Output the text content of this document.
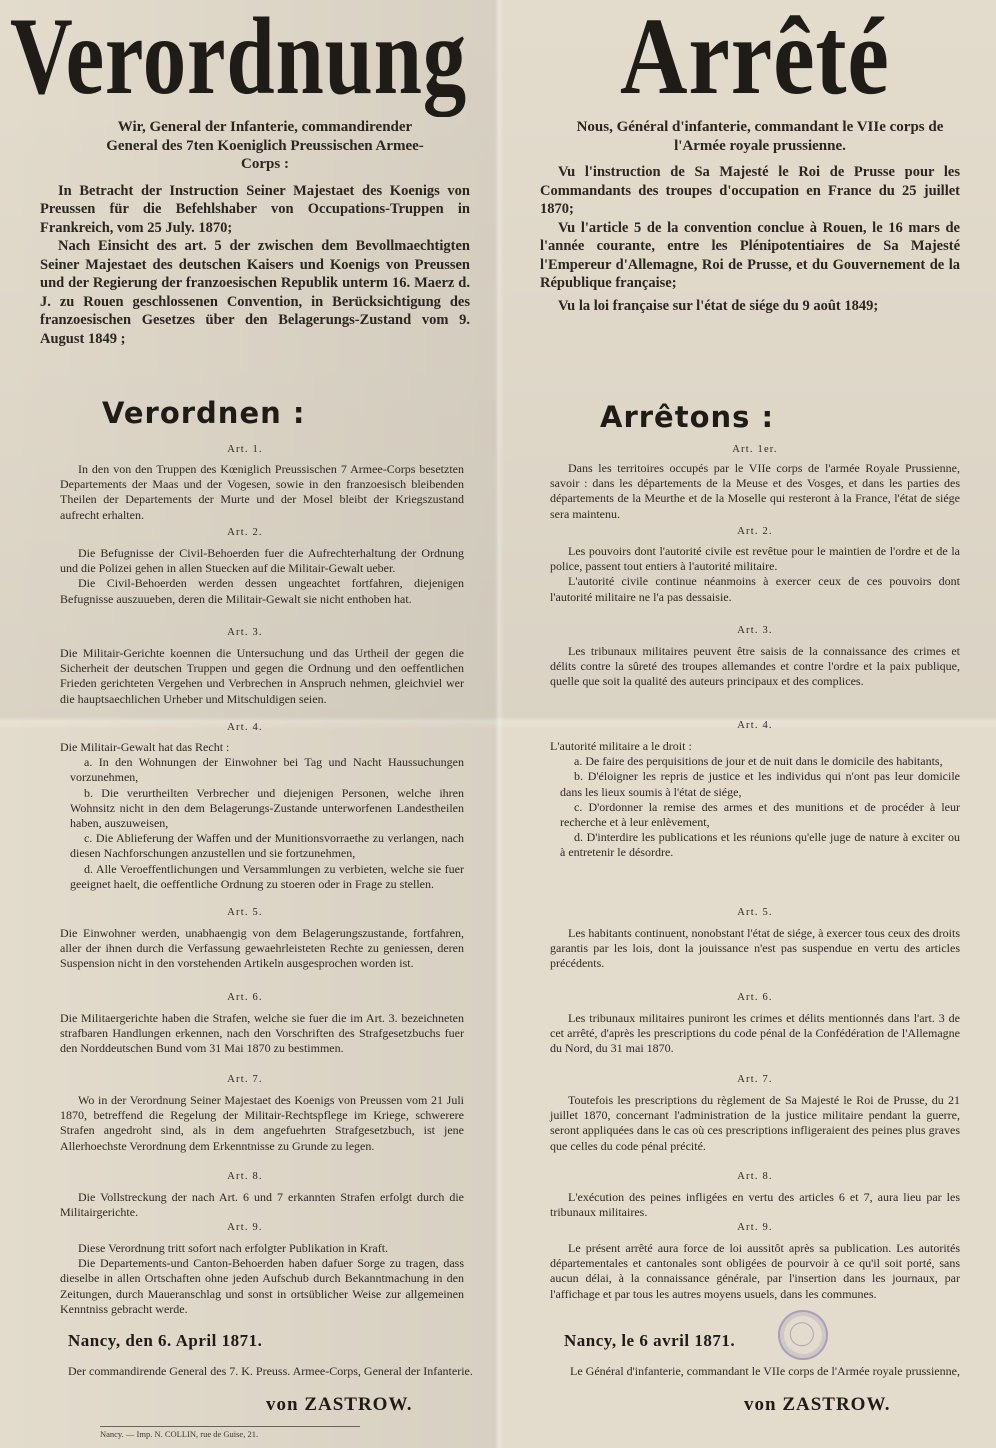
Verordnung

Wir, General der Infanterie, commandirender General des 7ten Koeniglich Preussischen Armee-Corps :

In Betracht der Instruction Seiner Majestaet des Koenigs von Preussen für die Befehlshaber von Occupations-Truppen in Frankreich, vom 25 July. 1870;

Nach Einsicht des art. 5 der zwischen dem Bevollmaechtigten Seiner Majestaet des deutschen Kaisers und Koenigs von Preussen und der Regierung der franzoesischen Republik unterm 16. Maerz d. J. zu Rouen geschlossenen Convention, in Berücksichtigung des franzoesischen Gesetzes über den Belagerungs-Zustand vom 9. August 1849 ;

Verordnen :
Art. 1.

In den von den Truppen des Kœniglich Preussischen 7 Armee-Corps besetzten Departements der Maas und der Vogesen, sowie in den franzoesisch bleibenden Theilen der Departements der Murte und der Mosel bleibt der Kriegszustand aufrecht erhalten.

Art. 2.

Die Befugnisse der Civil-Behoerden fuer die Aufrechterhaltung der Ordnung und die Polizei gehen in allen Stuecken auf die Militair-Gewalt ueber.

Die Civil-Behoerden werden dessen ungeachtet fortfahren, diejenigen Befugnisse auszuueben, deren die Militair-Gewalt sie nicht enthoben hat.

Art. 3.

Die Militair-Gerichte koennen die Untersuchung und das Urtheil der gegen die Sicherheit der deutschen Truppen und gegen die Ordnung und den oeffentlichen Frieden gerichteten Vergehen und Verbrechen in Anspruch nehmen, gleichviel wer die hauptsaechlichen Urheber und Mitschuldigen seien.

Art. 4.

Die Militair-Gewalt hat das Recht :

a. In den Wohnungen der Einwohner bei Tag und Nacht Haussuchungen vorzunehmen,

b. Die verurtheilten Verbrecher und diejenigen Personen, welche ihren Wohnsitz nicht in den dem Belagerungs-Zustande unterworfenen Landestheilen haben, auszuweisen,

c. Die Ablieferung der Waffen und der Munitionsvorraethe zu verlangen, nach diesen Nachforschungen anzustellen und sie fortzunehmen,

d. Alle Veroeffentlichungen und Versammlungen zu verbieten, welche sie fuer geeignet haelt, die oeffentliche Ordnung zu stoeren oder in Frage zu stellen.

Art. 5.

Die Einwohner werden, unabhaengig von dem Belagerungszustande, fortfahren, aller der ihnen durch die Verfassung gewaehrleisteten Rechte zu geniessen, deren Suspension nicht in den vorstehenden Artikeln ausgesprochen worden ist.

Art. 6.

Die Militaergerichte haben die Strafen, welche sie fuer die im Art. 3. bezeichneten strafbaren Handlungen erkennen, nach den Vorschriften des Strafgesetzbuchs fuer den Norddeutschen Bund vom 31 Mai 1870 zu bestimmen.

Art. 7.

Wo in der Verordnung Seiner Majestaet des Koenigs von Preussen vom 21 Juli 1870, betreffend die Regelung der Militair-Rechtspflege im Kriege, schwerere Strafen angedroht sind, als in dem angefuehrten Strafgesetzbuch, ist jene Allerhoechste Verordnung dem Erkenntnisse zu Grunde zu legen.

Art. 8.

Die Vollstreckung der nach Art. 6 und 7 erkannten Strafen erfolgt durch die Militairgerichte.

Art. 9.

Diese Verordnung tritt sofort nach erfolgter Publikation in Kraft.

Die Departements-und Canton-Behoerden haben dafuer Sorge zu tragen, dass dieselbe in allen Ortschaften ohne jeden Aufschub durch Bekanntmachung in den Zeitungen, durch Maueranschlag und sonst in ortsüblicher Weise zur allgemeinen Kenntniss gebracht werde.

Nancy, den 6. April 1871.
Der commandirende General des 7. K. Preuss. Armee-Corps, General der Infanterie.
von ZASTROW.
Arrêté

Nous, Général d'infanterie, commandant le VIIe corps de l'Armée royale prussienne.

Vu l'instruction de Sa Majesté le Roi de Prusse pour les Commandants des troupes d'occupation en France du 25 juillet 1870;

Vu l'article 5 de la convention conclue à Rouen, le 16 mars de l'année courante, entre les Plénipotentiaires de Sa Majesté l'Empereur d'Allemagne, Roi de Prusse, et du Gouvernement de la République française;

Vu la loi française sur l'état de siége du 9 août 1849;

Arrêtons :
Art. 1er.

Dans les territoires occupés par le VIIe corps de l'armée Royale Prussienne, savoir : dans les départements de la Meuse et des Vosges, et dans les parties des départements de la Meurthe et de la Moselle qui resteront à la France, l'état de siége sera maintenu.

Art. 2.

Les pouvoirs dont l'autorité civile est revêtue pour le maintien de l'ordre et de la police, passent tout entiers à l'autorité militaire.

L'autorité civile continue néanmoins à exercer ceux de ces pouvoirs dont l'autorité militaire ne l'a pas dessaisie.

Art. 3.

Les tribunaux militaires peuvent être saisis de la connaissance des crimes et délits contre la sûreté des troupes allemandes et contre l'ordre et la paix publique, quelle que soit la qualité des auteurs principaux et des complices.

Art. 4.

L'autorité militaire a le droit :

a. De faire des perquisitions de jour et de nuit dans le domicile des habitants,

b. D'éloigner les repris de justice et les individus qui n'ont pas leur domicile dans les lieux soumis à l'état de siége,

c. D'ordonner la remise des armes et des munitions et de procéder à leur recherche et à leur enlèvement,

d. D'interdire les publications et les réunions qu'elle juge de nature à exciter ou à entretenir le désordre.

Art. 5.

Les habitants continuent, nonobstant l'état de siége, à exercer tous ceux des droits garantis par les lois, dont la jouissance n'est pas suspendue en vertu des articles précédents.

Art. 6.

Les tribunaux militaires puniront les crimes et délits mentionnés dans l'art. 3 de cet arrêté, d'après les prescriptions du code pénal de la Confédération de l'Allemagne du Nord, du 31 mai 1870.

Art. 7.

Toutefois les prescriptions du règlement de Sa Majesté le Roi de Prusse, du 21 juillet 1870, concernant l'administration de la justice militaire pendant la guerre, seront appliquées dans le cas où ces prescriptions infligeraient des peines plus graves que celles du code pénal précité.

Art. 8.

L'exécution des peines infligées en vertu des articles 6 et 7, aura lieu par les tribunaux militaires.

Art. 9.

Le présent arrêté aura force de loi aussitôt après sa publication. Les autorités départementales et cantonales sont obligées de pourvoir à ce qu'il soit porté, sans aucun délai, à la connaissance générale, par l'insertion dans les journaux, par l'affichage et par tous les autres moyens usuels, dans les communes.

Nancy, le 6 avril 1871.
Le Général d'infanterie, commandant le VIIe corps de l'Armée royale prussienne,
von ZASTROW.
Nancy. — Imp. N. COLLIN, rue de Guise, 21.
